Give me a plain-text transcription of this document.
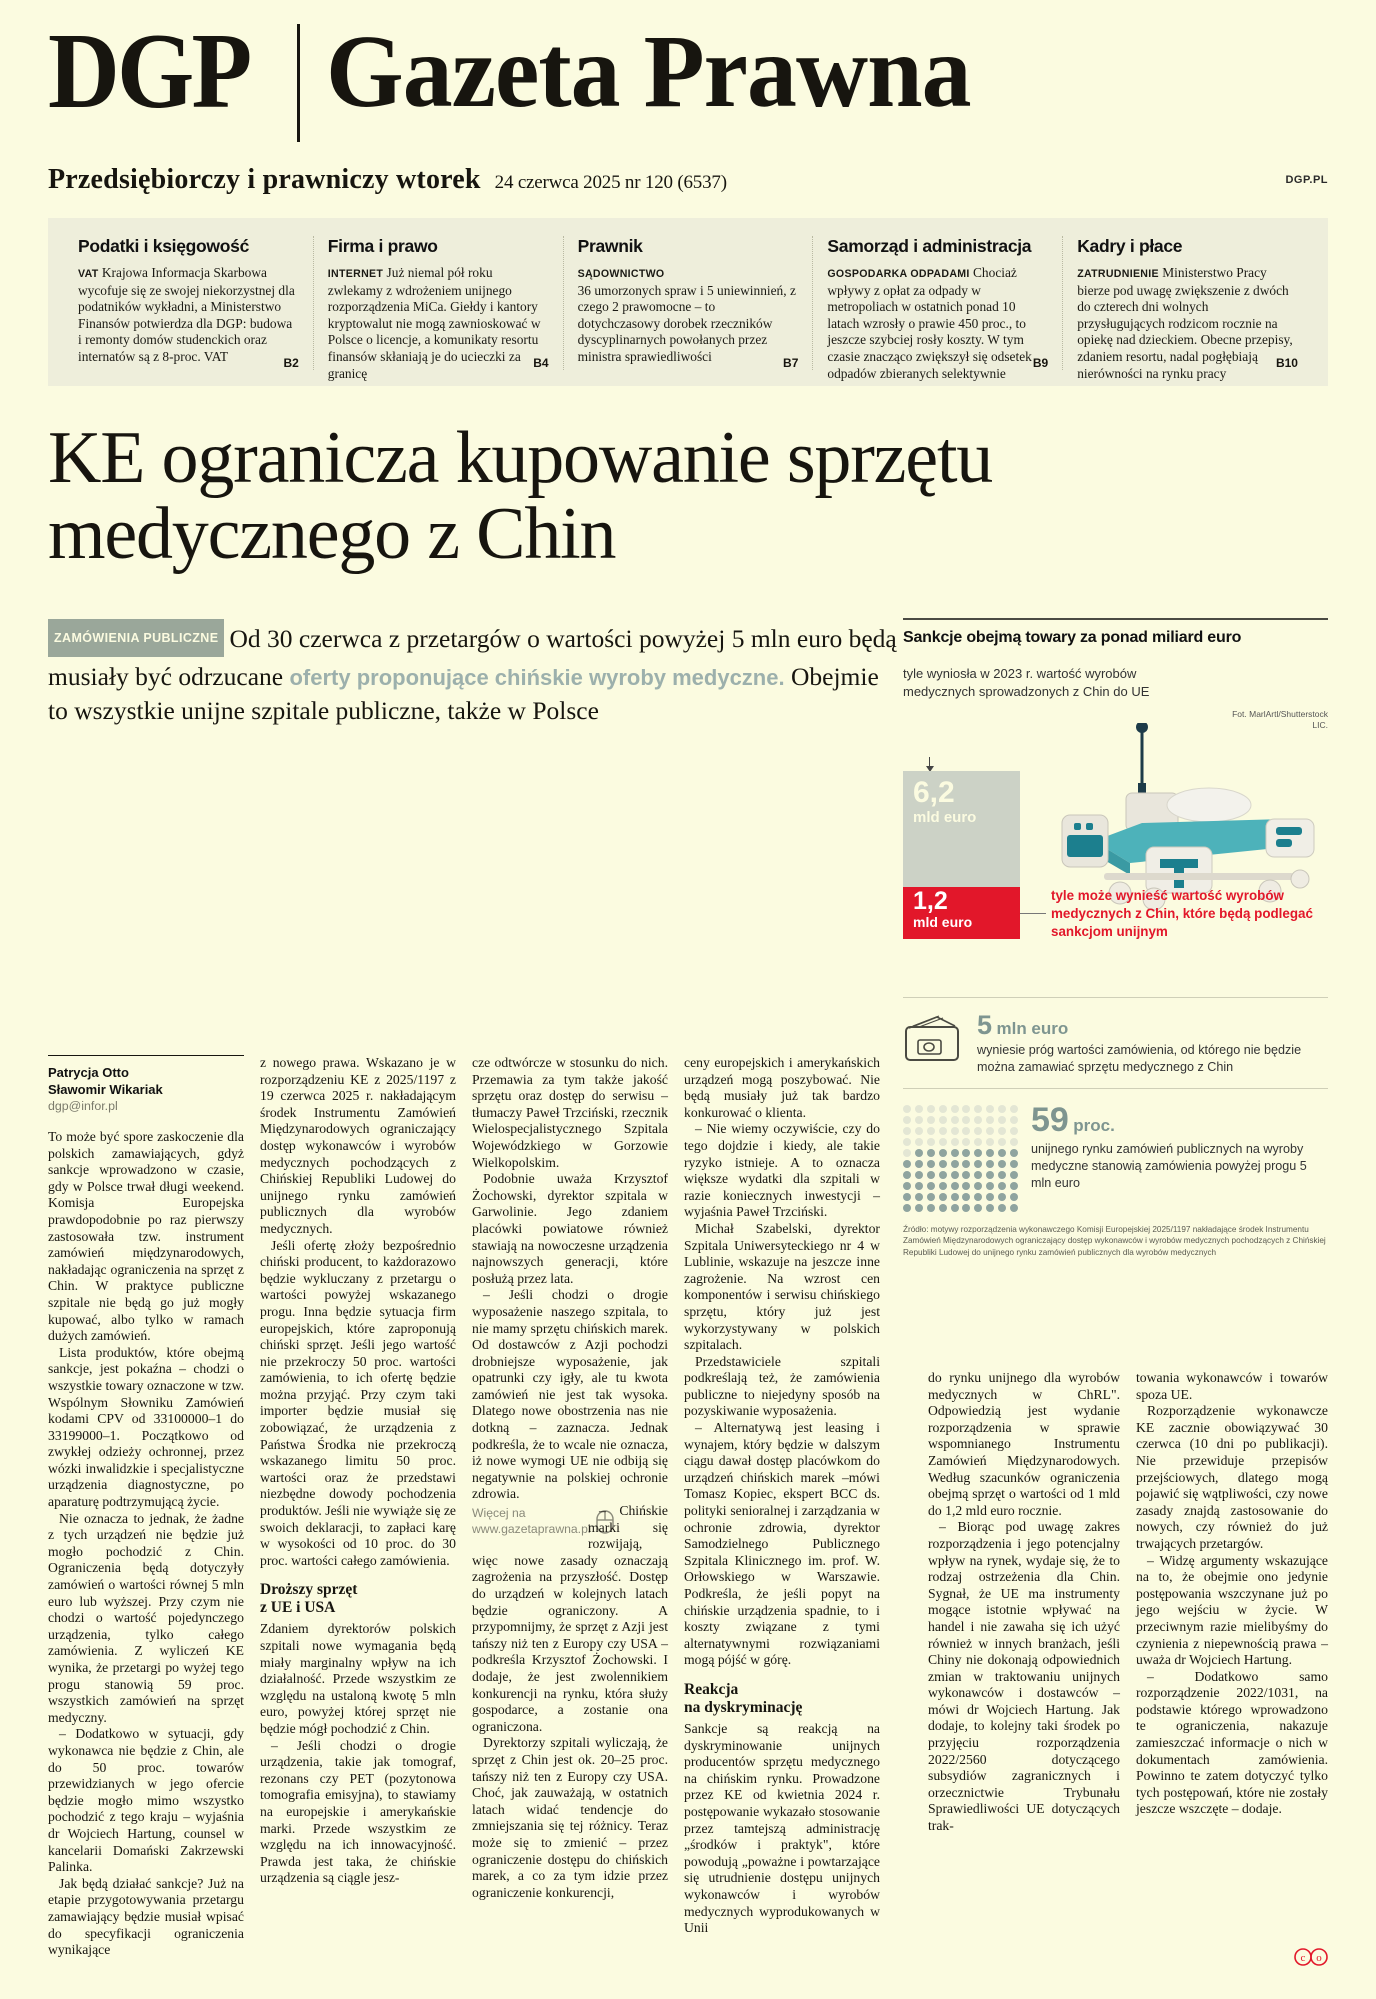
DGP Gazeta Prawna
Przedsiębiorczy i prawniczy wtorek 24 czerwca 2025 nr 120 (6537)	DGP.PL
Podatki i księgowość

VAT Krajowa Informacja Skarbowa wycofuje się ze swojej niekorzystnej dla podatników wykładni, a Ministerstwo Finansów potwierdza dla DGP: budowa i remonty domów studenckich oraz internatów są z 8-proc. VAT	B2
Firma i prawo

INTERNET Już niemal pół roku zwlekamy z wdrożeniem unijnego rozporządzenia MiCa. Giełdy i kantory kryptowalut nie mogą zawnioskować w Polsce o licencje, a komunikaty resortu finansów skłaniają je do ucieczki za granicę

B4
Prawnik

SĄDOWNICTWO
36 umorzonych spraw i 5 uniewinnień, z czego 2 prawomocne – to dotychczasowy dorobek rzeczników dyscyplinarnych powołanych przez ministra sprawiedliwości	B7
Samorząd i administracja

GOSPODARKA ODPADAMI Chociaż wpływy z opłat za odpady w metropoliach w ostatnich ponad 10 latach wzrosły o prawie 450 proc., to jeszcze szybciej rosły koszty. W tym czasie znacząco zwiększył się odsetek odpadów zbieranych selektywnie

B9
Kadry i płace

ZATRUDNIENIE Ministerstwo Pracy bierze pod uwagę zwiększenie z dwóch do czterech dni wolnych przysługujących rodzicom rocznie na opiekę nad dzieckiem. Obecne przepisy, zdaniem resortu, nadal pogłębiają nierówności na rynku pracy

B10
KE ogranicza kupowanie sprzętu medycznego z Chin
ZAMÓWIENIA PUBLICZNE Od 30 czerwca z przetargów o wartości powyżej 5 mln euro będą musiały być odrzucane oferty proponujące chińskie wyroby medyczne. Obejmie to wszystkie unijne szpitale publiczne, także w Polsce
Sankcje obejmą towary za ponad miliard euro
tyle wyniosła w 2023 r. wartość wyrobów medycznych sprowadzonych z Chin do UE
Fot. MarlArtl/Shutterstock
LIC.
6,2
mld euro
1,2
mld euro
tyle może wynieść wartość wyrobów medycznych z Chin, które będą podlegać sankcjom unijnym
5 mln euro

wyniesie próg wartości zamówienia, od którego nie będzie można zamawiać sprzętu medycznego z Chin

59 proc.

unijnego rynku zamówień publicznych na wyroby medyczne stanowią zamówienia powyżej progu 5 mln euro

Źródło: motywy rozporządzenia wykonawczego Komisji Europejskiej 2025/1197 nakładające środek Instrumentu Zamówień Międzynarodowych ograniczający dostęp wykonawców i wyrobów medycznych pochodzących z Chińskiej Republiki Ludowej do unijnego rynku zamówień publicznych dla wyrobów medycznych
Patrycja Otto
Sławomir Wikariak
dgp@infor.pl

To może być spore zaskoczenie dla polskich zamawiających, gdyż sankcje wprowadzono w czasie, gdy w Polsce trwał długi weekend. Komisja Europejska prawdopodobnie po raz pierwszy zastosowała tzw. instrument zamówień międzynarodowych, nakładając ograniczenia na sprzęt z Chin. W praktyce publiczne szpitale nie będą go już mogły kupować, albo tylko w ramach dużych zamówień.

Lista produktów, które obejmą sankcje, jest pokaźna – chodzi o wszystkie towary oznaczone w tzw. Wspólnym Słowniku Zamówień kodami CPV od 33100000–1 do 33199000–1. Początkowo od zwykłej odzieży ochronnej, przez wózki inwalidzkie i specjalistyczne urządzenia diagnostyczne, po aparaturę podtrzymującą życie.

Nie oznacza to jednak, że żadne z tych urządzeń nie będzie już mogło pochodzić z Chin. Ograniczenia będą dotyczyły zamówień o wartości równej 5 mln euro lub wyższej. Przy czym nie chodzi o wartość pojedynczego urządzenia, tylko całego zamówienia. Z wyliczeń KE wynika, że przetargi po wyżej tego progu stanowią 59 proc. wszystkich zamówień na sprzęt medyczny.

– Dodatkowo w sytuacji, gdy wykonawca nie będzie z Chin, ale do 50 proc. towarów przewidzianych w jego ofercie będzie mogło mimo wszystko pochodzić z tego kraju – wyjaśnia dr Wojciech Hartung, counsel w kancelarii Domański Zakrzewski Palinka.

Jak będą działać sankcje? Już na etapie przygotowywania przetargu zamawiający będzie musiał wpisać do specyfikacji ograniczenia wynikające

z nowego prawa. Wskazano je w rozporządzeniu KE z 2025/1197 z 19 czerwca 2025 r. nakładającym środek Instrumentu Zamówień Międzynarodowych ograniczający dostęp wykonawców i wyrobów medycznych pochodzących z Chińskiej Republiki Ludowej do unijnego rynku zamówień publicznych dla wyrobów medycznych.

Jeśli ofertę złoży bezpośrednio chiński producent, to każdorazowo będzie wykluczany z przetargu o wartości powyżej wskazanego progu. Inna będzie sytuacja firm europejskich, które zaproponują chiński sprzęt. Jeśli jego wartość nie przekroczy 50 proc. wartości zamówienia, to ich ofertę będzie można przyjąć. Przy czym taki importer będzie musiał się zobowiązać, że urządzenia z Państwa Środka nie przekroczą wskazanego limitu 50 proc. wartości oraz że przedstawi niezbędne dowody pochodzenia produktów. Jeśli nie wywiąże się ze swoich deklaracji, to zapłaci karę w wysokości od 10 proc. do 30 proc. wartości całego zamówienia.

Droższy sprzęt
z UE i USA

Zdaniem dyrektorów polskich szpitali nowe wymagania będą miały marginalny wpływ na ich działalność. Przede wszystkim ze względu na ustaloną kwotę 5 mln euro, powyżej której sprzęt nie będzie mógł pochodzić z Chin.

– Jeśli chodzi o drogie urządzenia, takie jak tomograf, rezonans czy PET (pozytonowa tomografia emisyjna), to stawiamy na europejskie i amerykańskie marki. Przede wszystkim ze względu na ich innowacyjność. Prawda jest taka, że chińskie urządzenia są ciągle jesz-

cze odtwórcze w stosunku do nich. Przemawia za tym także jakość sprzętu oraz dostęp do serwisu – tłumaczy Paweł Trzciński, rzecznik Wielospecjalistycznego Szpitala Wojewódzkiego w Gorzowie Wielkopolskim.

Podobnie uważa Krzysztof Żochowski, dyrektor szpitala w Garwolinie. Jego zdaniem placówki powiatowe również stawiają na nowoczesne urządzenia najnowszych generacji, które posłużą przez lata.

– Jeśli chodzi o drogie wyposażenie naszego szpitala, to nie mamy sprzętu chińskich marek. Od dostawców z Azji pochodzi drobniejsze wyposażenie, jak opatrunki czy igły, ale tu kwota zamówień nie jest tak wysoka. Dlatego nowe obostrzenia nas nie dotkną – zaznacza. Jednak podkreśla, że to wcale nie oznacza, iż nowe wymogi UE nie odbiją się negatywnie na polskiej ochronie zdrowia.

Więcej na
www.gazetaprawna.pl

– Chińskie marki się rozwijają, więc nowe zasady oznaczają zagrożenia na przyszłość. Dostęp do urządzeń w kolejnych latach będzie ograniczony. A przypomnijmy, że sprzęt z Azji jest tańszy niż ten z Europy czy USA – podkreśla Krzysztof Żochowski. I dodaje, że jest zwolennikiem konkurencji na rynku, która służy gospodarce, a zostanie ona ograniczona.

Dyrektorzy szpitali wyliczają, że sprzęt z Chin jest ok. 20–25 proc. tańszy niż ten z Europy czy USA. Choć, jak zauważają, w ostatnich latach widać tendencje do zmniejszania się tej różnicy. Teraz może się to zmienić – przez ograniczenie dostępu do chińskich marek, a co za tym idzie przez ograniczenie konkurencji,

ceny europejskich i amerykańskich urządzeń mogą poszybować. Nie będą musiały już tak bardzo konkurować o klienta.

– Nie wiemy oczywiście, czy do tego dojdzie i kiedy, ale takie ryzyko istnieje. A to oznacza większe wydatki dla szpitali w razie koniecznych inwestycji – wyjaśnia Paweł Trzciński.

Michał Szabelski, dyrektor Szpitala Uniwersyteckiego nr 4 w Lublinie, wskazuje na jeszcze inne zagrożenie. Na wzrost cen komponentów i serwisu chińskiego sprzętu, który już jest wykorzystywany w polskich szpitalach.

Przedstawiciele szpitali podkreślają też, że zamówienia publiczne to niejedyny sposób na pozyskiwanie wyposażenia.

– Alternatywą jest leasing i wynajem, który będzie w dalszym ciągu dawał dostęp placówkom do urządzeń chińskich marek –mówi Tomasz Kopiec, ekspert BCC ds. polityki senioralnej i zarządzania w ochronie zdrowia, dyrektor Samodzielnego Publicznego Szpitala Klinicznego im. prof. W. Orłowskiego w Warszawie. Podkreśla, że jeśli popyt na chińskie urządzenia spadnie, to i koszty związane z tymi alternatywnymi rozwiązaniami mogą pójść w górę.

Reakcja
na dyskryminację

Sankcje są reakcją na dyskryminowanie unijnych producentów sprzętu medycznego na chińskim rynku. Prowadzone przez KE od kwietnia 2024 r. postępowanie wykazało stosowanie przez tamtejszą administrację „środków i praktyk", które powodują „poważne i powtarzające się utrudnienie dostępu unijnych wykonawców i wyrobów medycznych wyprodukowanych w Unii

do rynku unijnego dla wyrobów medycznych w ChRL". Odpowiedzią jest wydanie rozporządzenia w sprawie wspomnianego Instrumentu Zamówień Międzynarodowych. Według szacunków ograniczenia obejmą sprzęt o wartości od 1 mld do 1,2 mld euro rocznie.

– Biorąc pod uwagę zakres rozporządzenia i jego potencjalny wpływ na rynek, wydaje się, że to rodzaj ostrzeżenia dla Chin. Sygnał, że UE ma instrumenty mogące istotnie wpływać na handel i nie zawaha się ich użyć również w innych branżach, jeśli Chiny nie dokonają odpowiednich zmian w traktowaniu unijnych wykonawców i dostawców – mówi dr Wojciech Hartung. Jak dodaje, to kolejny taki środek po przyjęciu rozporządzenia 2022/2560 dotyczącego subsydiów zagranicznych i orzecznictwie Trybunału Sprawiedliwości UE dotyczących trak-

towania wykonawców i towarów spoza UE.

Rozporządzenie wykonawcze KE zacznie obowiązywać 30 czerwca (10 dni po publikacji). Nie przewiduje przepisów przejściowych, dlatego mogą pojawić się wątpliwości, czy nowe zasady znajdą zastosowanie do nowych, czy również do już trwających przetargów.

– Widzę argumenty wskazujące na to, że obejmie ono jedynie postępowania wszczynane już po jego wejściu w życie. W przeciwnym razie mielibyśmy do czynienia z niepewnością prawa – uważa dr Wojciech Hartung.

– Dodatkowo samo rozporządzenie 2022/1031, na podstawie którego wprowadzono te ograniczenia, nakazuje zamieszczać informacje o nich w dokumentach zamówienia. Powinno te zatem dotyczyć tylko tych postępowań, które nie zostały jeszcze wszczęte – dodaje.

c o
